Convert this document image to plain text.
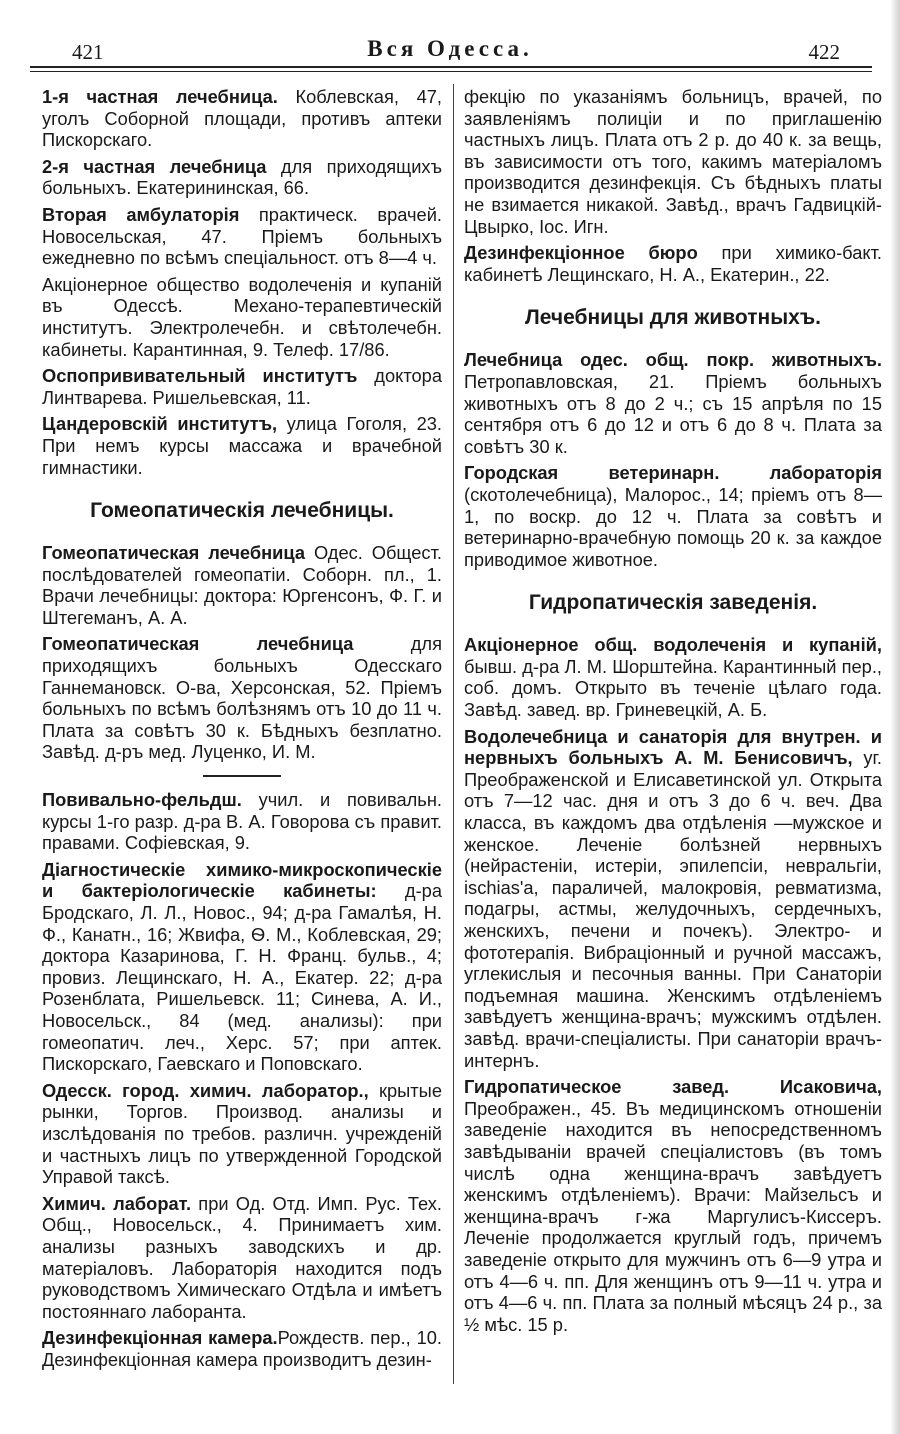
421	Вся Одесса.	422

1-я частная лечебница. Коблевская, 47, уголъ Соборной площади, противъ аптеки Пискорскаго.

2-я частная лечебница для приходящихъ больныхъ. Екатерининская, 66.

Вторая амбулаторія практическ. врачей. Новосельская, 47. Пріемъ больныхъ ежедневно по всѣмъ спеціальност. отъ 8—4 ч.

Акціонерное общество водолеченія и купаній въ Одессѣ. Механо-терапевтическій институтъ. Электролечебн. и свѣтолечебн. кабинеты. Карантинная, 9. Телеф. 17/86.

Оспопрививательный институтъ доктора Линтварева. Ришельевская, 11.

Цандеровскій институтъ, улица Гоголя, 23. При немъ курсы массажа и врачебной гимнастики.

Гомеопатическія лечебницы.

Гомеопатическая лечебница Одес. Общест. послѣдователей гомеопатіи. Соборн. пл., 1. Врачи лечебницы: доктора: Юргенсонъ, Ф. Г. и Штегеманъ, А. А.

Гомеопатическая лечебница для приходящихъ больныхъ Одесскаго Ганнемановск. О-ва, Херсонская, 52. Пріемъ больныхъ по всѣмъ болѣзнямъ отъ 10 до 11 ч. Плата за совѣтъ 30 к. Бѣдныхъ безплатно. Завѣд. д-ръ мед. Луценко, И. М.

Повивально-фельдш. учил. и повивальн. курсы 1-го разр. д-ра В. А. Говорова съ правит. правами. Софіевская, 9.

Діагностическіе химико-микроскопическіе и бактеріологическіе кабинеты: д-ра Бродскаго, Л. Л., Новос., 94; д-ра Гамалѣя, Н. Ф., Канатн., 16; Жвифа, Ѳ. М., Коблевская, 29; доктора Казаринова, Г. Н. Франц. бульв., 4; провиз. Лещинскаго, Н. А., Екатер. 22; д-ра Розенблата, Ришельевск. 11; Синева, А. И., Новосельск., 84 (мед. анализы): при гомеопатич. леч., Херс. 57; при аптек. Пискорскаго, Гаевскаго и Поповскаго.

Одесск. город. химич. лаборатор., крытые рынки, Торгов. Производ. анализы и изслѣдованія по требов. различн. учрежденій и частныхъ лицъ по утвержденной Городской Управой таксѣ.

Химич. лаборат. при Од. Отд. Имп. Рус. Тех. Общ., Новосельск., 4. Принимаетъ хим. анализы разныхъ заводскихъ и др. матеріаловъ. Лабораторія находится подъ руководствомъ Химическаго Отдѣла и имѣетъ постояннаго лаборанта.

Дезинфекціонная камера.Рождеств. пер., 10. Дезинфекціонная камера производитъ дезин-

фекцію по указаніямъ больницъ, врачей, по заявленіямъ полиціи и по приглашенію частныхъ лицъ. Плата отъ 2 р. до 40 к. за вещь, въ зависимости отъ того, какимъ матеріаломъ производится дезинфекція. Съ бѣдныхъ платы не взимается никакой. Завѣд., врачъ Гадвицкій-Цвырко, Іос. Игн.

Дезинфекціонное бюро при химико-бакт. кабинетѣ Лещинскаго, Н. А., Екатерин., 22.

Лечебницы для животныхъ.

Лечебница одес. общ. покр. животныхъ. Петропавловская, 21. Пріемъ больныхъ животныхъ отъ 8 до 2 ч.; съ 15 апрѣля по 15 сентября отъ 6 до 12 и отъ 6 до 8 ч. Плата за совѣтъ 30 к.

Городская ветеринарн. лабораторія (скотолечебница), Малорос., 14; пріемъ отъ 8—1, по воскр. до 12 ч. Плата за совѣтъ и ветеринарно-врачебную помощь 20 к. за каждое приводимое животное.

Гидропатическія заведенія.

Акціонерное общ. водолеченія и купаній, бывш. д-ра Л. М. Шорштейна. Карантинный пер., соб. домъ. Открыто въ теченіе цѣлаго года. Завѣд. завед. вр. Гриневецкій, А. Б.

Водолечебница и санаторія для внутрен. и нервныхъ больныхъ А. М. Бенисовичъ, уг. Преображенской и Елисаветинской ул. Открыта отъ 7—12 час. дня и отъ 3 до 6 ч. веч. Два класса, въ каждомъ два отдѣленія —мужское и женское. Леченіе болѣзней нервныхъ (нейрастеніи, истеріи, эпилепсіи, невральгіи, ischias'а, параличей, малокровія, ревматизма, подагры, астмы, желудочныхъ, сердечныхъ, женскихъ, печени и почекъ). Электро- и фототерапія. Вибраціонный и ручной массажъ, углекислыя и песочныя ванны. При Санаторіи подъемная машина. Женскимъ отдѣленіемъ завѣдуетъ женщина-врачъ; мужскимъ отдѣлен. завѣд. врачи-спеціалисты. При санаторіи врачъ-интернъ.

Гидропатическое завед. Исаковича, Преображен., 45. Въ медицинскомъ отношеніи заведеніе находится въ непосредственномъ завѣдываніи врачей спеціалистовъ (въ томъ числѣ одна женщина-врачъ завѣдуетъ женскимъ отдѣленіемъ). Врачи: Майзельсъ и женщина-врачъ г-жа Маргулисъ-Киссеръ. Леченіе продолжается круглый годъ, причемъ заведеніе открыто для мужчинъ отъ 6—9 утра и отъ 4—6 ч. пп. Для женщинъ отъ 9—11 ч. утра и отъ 4—6 ч. пп. Плата за полный мѣсяцъ 24 р., за ½ мѣс. 15 р.
